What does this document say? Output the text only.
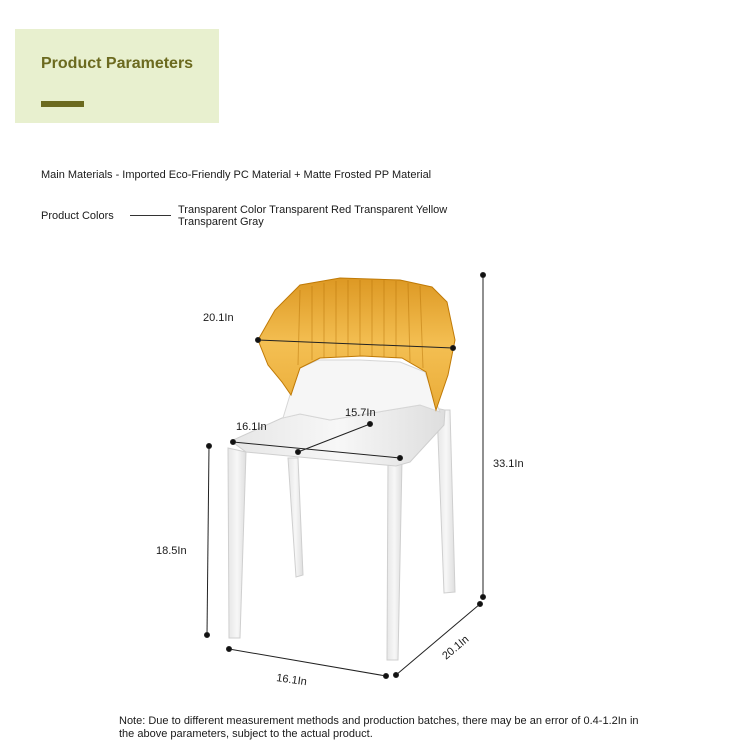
Product Parameters
Main Materials - Imported Eco-Friendly PC Material + Matte Frosted PP Material
Product Colors	Transparent Color Transparent Red Transparent Yellow Transparent Gray
20.1In
16.1In
15.7In
33.1In
18.5In
16.1In
20.1In
Note: Due to different measurement methods and production batches, there may be an error of 0.4-1.2In in the above parameters, subject to the actual product.
